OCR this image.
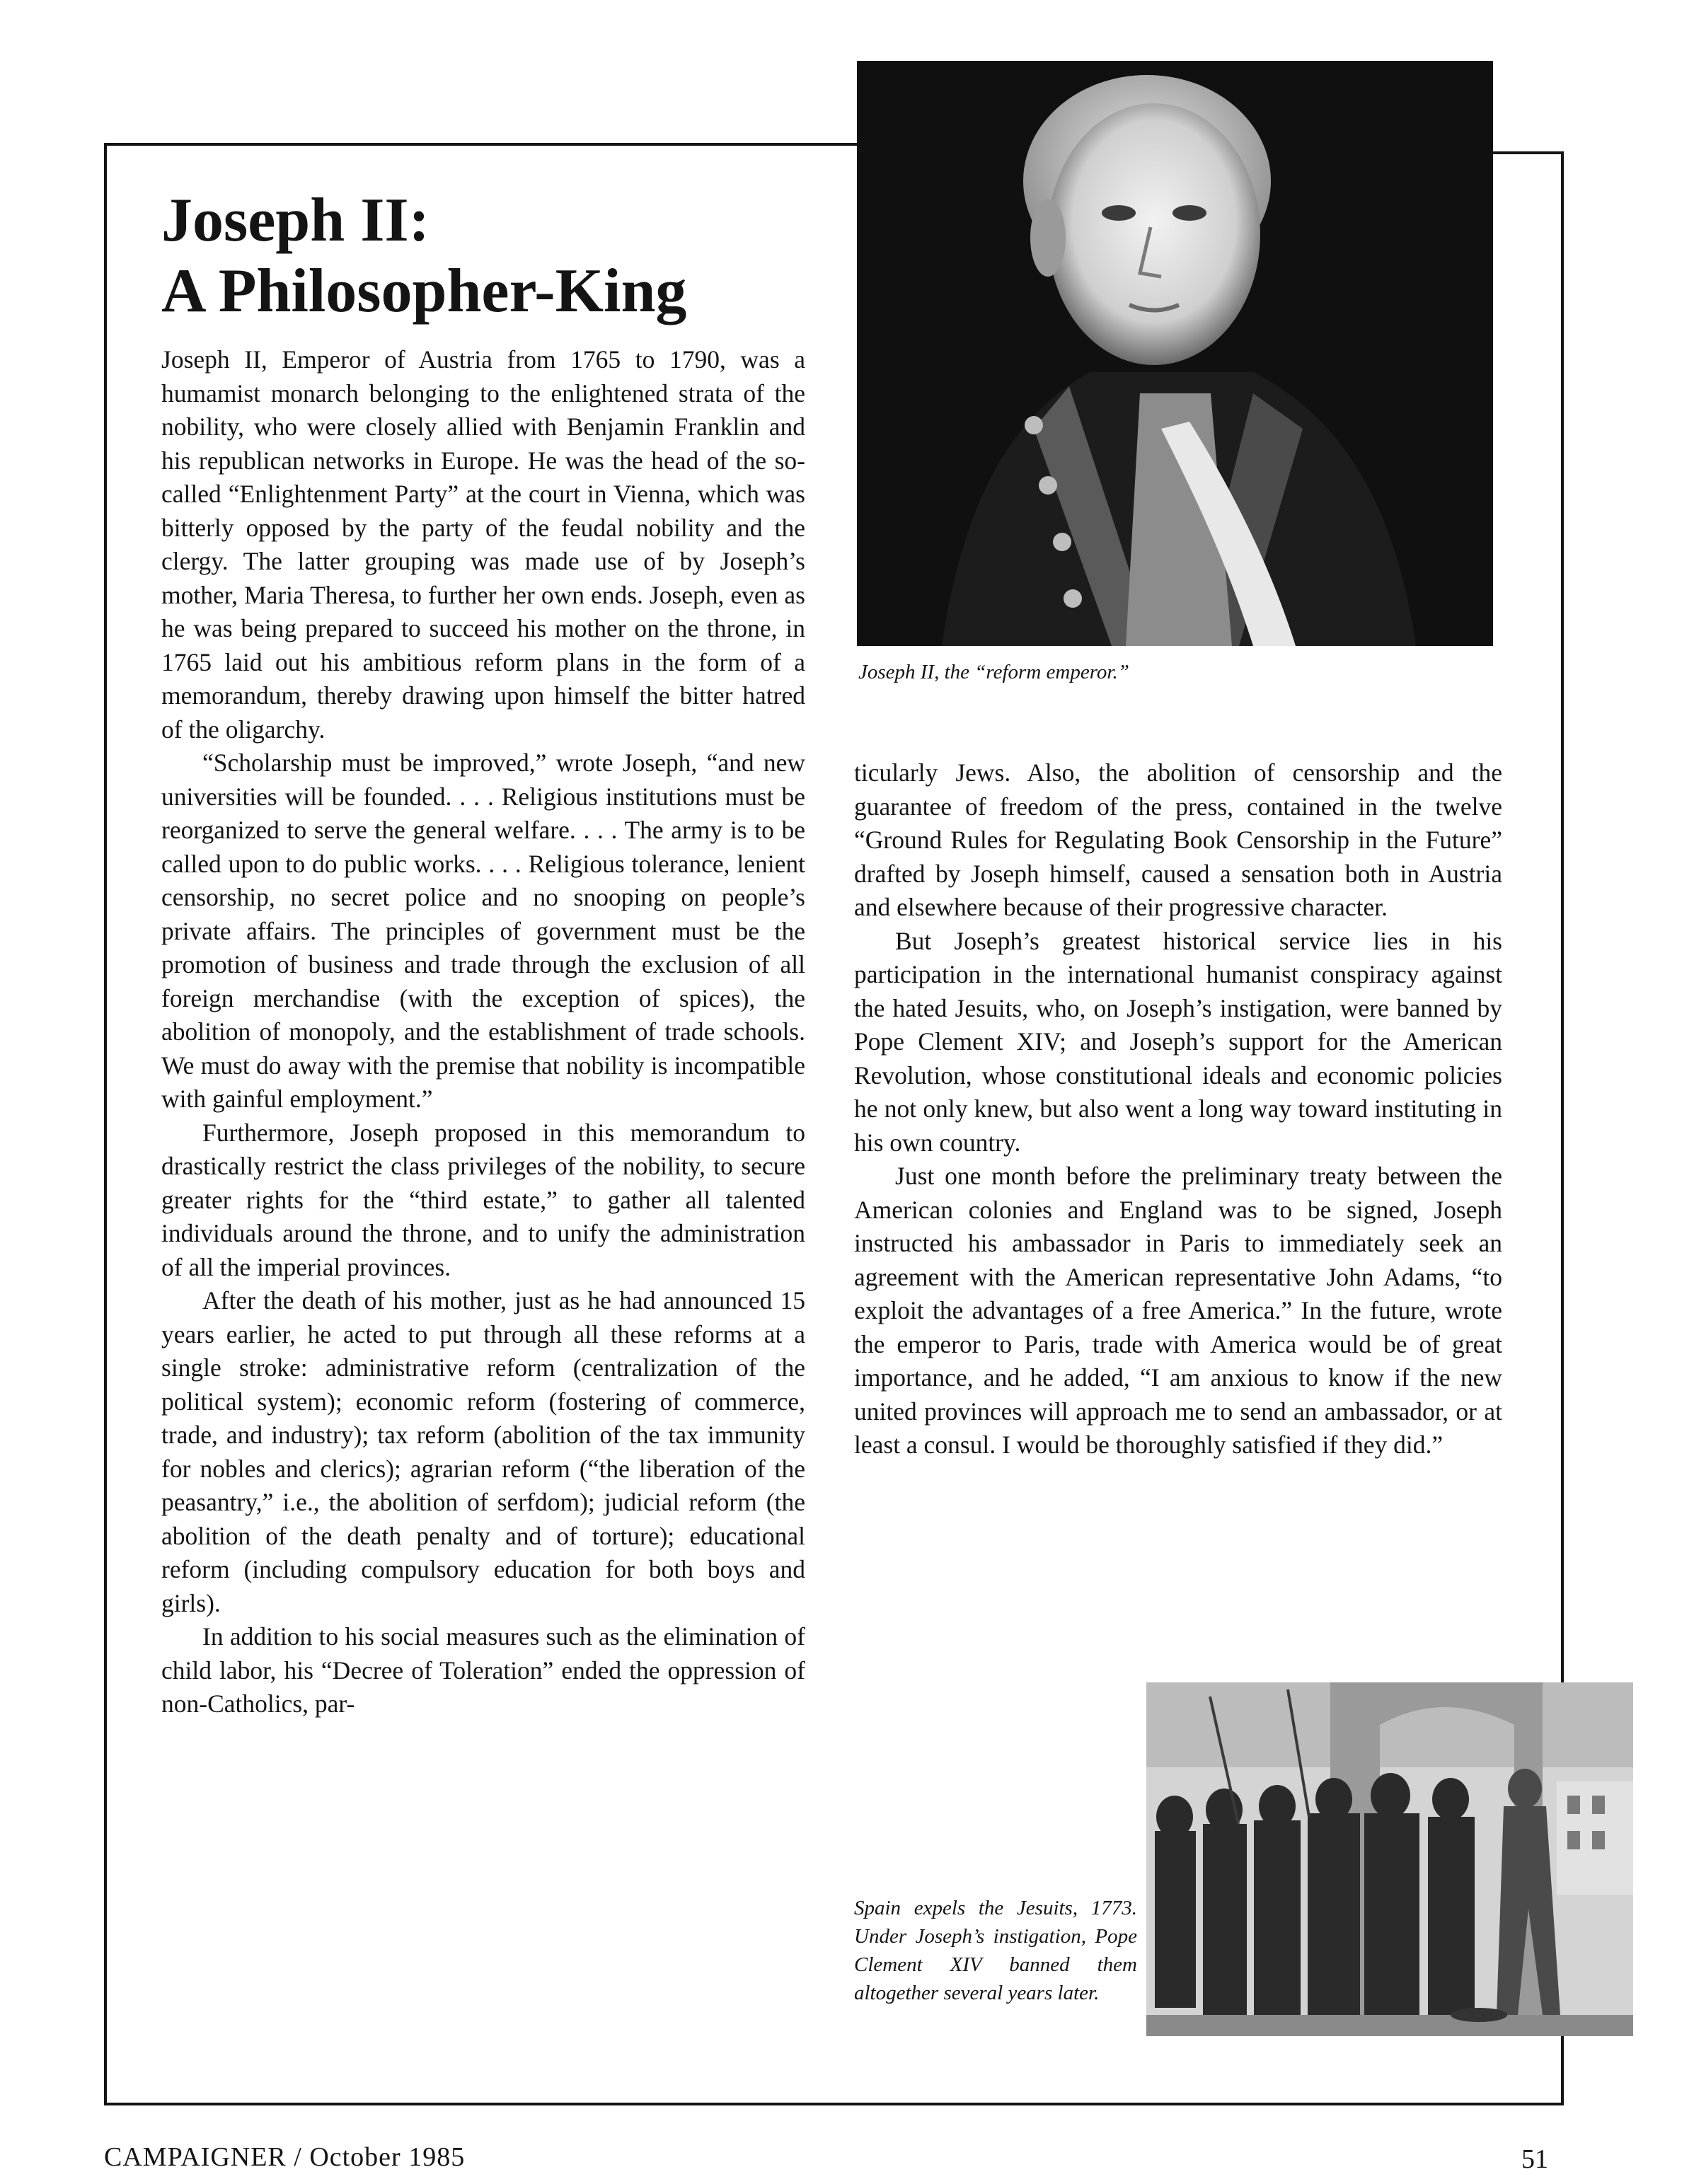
Joseph II:
A Philosopher-King

Joseph II, Emperor of Austria from 1765 to 1790, was a humamist monarch belonging to the enlightened strata of the nobility, who were closely allied with Benjamin Franklin and his republican networks in Europe. He was the head of the so-called “Enlightenment Party” at the court in Vienna, which was bitterly opposed by the party of the feudal nobility and the clergy. The latter grouping was made use of by Joseph’s mother, Maria Theresa, to further her own ends. Joseph, even as he was being prepared to succeed his mother on the throne, in 1765 laid out his ambitious reform plans in the form of a memorandum, thereby drawing upon himself the bitter hatred of the oligarchy.

“Scholarship must be improved,” wrote Joseph, “and new universities will be founded. . . . Religious institutions must be reorganized to serve the general welfare. . . . The army is to be called upon to do public works. . . . Religious tolerance, lenient censorship, no secret police and no snooping on people’s private affairs. The principles of government must be the promotion of business and trade through the exclusion of all foreign merchandise (with the exception of spices), the abolition of monopoly, and the establishment of trade schools. We must do away with the premise that nobility is incompatible with gainful employment.”

Furthermore, Joseph proposed in this memorandum to drastically restrict the class privileges of the nobility, to secure greater rights for the “third estate,” to gather all talented individuals around the throne, and to unify the administration of all the imperial provinces.

After the death of his mother, just as he had announced 15 years earlier, he acted to put through all these reforms at a single stroke: administrative reform (centralization of the political system); economic reform (fostering of commerce, trade, and industry); tax reform (abolition of the tax immunity for nobles and clerics); agrarian reform (“the liberation of the peasantry,” i.e., the abolition of serfdom); judicial reform (the abolition of the death penalty and of torture); educational reform (including compulsory education for both boys and girls).

In addition to his social measures such as the elimination of child labor, his “Decree of Toleration” ended the oppression of non-Catholics, par-

Joseph II, the “reform emperor.”

ticularly Jews. Also, the abolition of censorship and the guarantee of freedom of the press, contained in the twelve “Ground Rules for Regulating Book Censorship in the Future” drafted by Joseph himself, caused a sensation both in Austria and elsewhere because of their progressive character.

But Joseph’s greatest historical service lies in his participation in the international humanist conspiracy against the hated Jesuits, who, on Joseph’s instigation, were banned by Pope Clement XIV; and Joseph’s support for the American Revolution, whose constitutional ideals and economic policies he not only knew, but also went a long way toward instituting in his own country.

Just one month before the preliminary treaty between the American colonies and England was to be signed, Joseph instructed his ambassador in Paris to immediately seek an agreement with the American representative John Adams, “to exploit the advantages of a free America.” In the future, wrote the emperor to Paris, trade with America would be of great importance, and he added, “I am anxious to know if the new united provinces will approach me to send an ambassador, or at least a consul. I would be thoroughly satisfied if they did.”

Spain expels the Jesuits, 1773. Under Joseph’s instigation, Pope Clement XIV banned them altogether several years later.
CAMPAIGNER / October 1985	51
